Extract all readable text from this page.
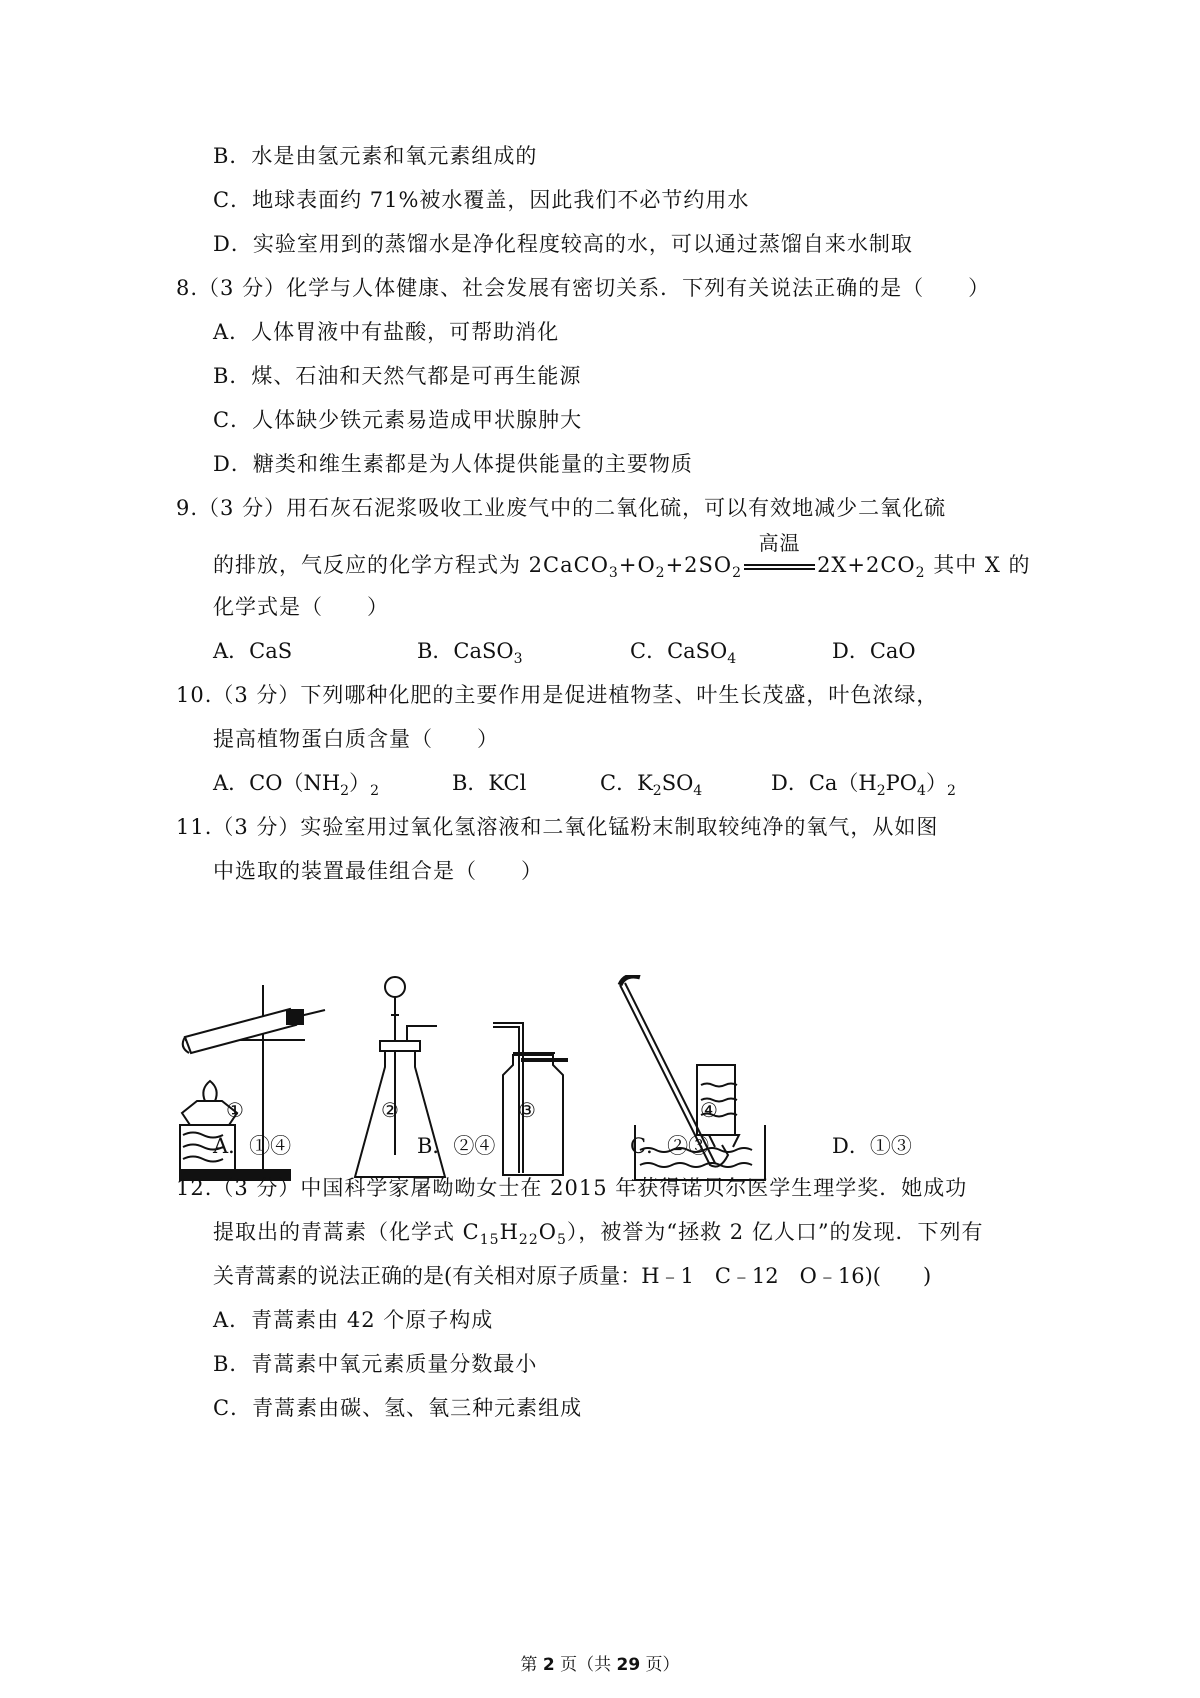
B．水是由氢元素和氧元素组成的
C．地球表面约 71%被水覆盖，因此我们不必节约用水
D．实验室用到的蒸馏水是净化程度较高的水，可以通过蒸馏自来水制取
8.（3 分）化学与人体健康、社会发展有密切关系．下列有关说法正确的是（　　）
A．人体胃液中有盐酸，可帮助消化
B．煤、石油和天然气都是可再生能源
C．人体缺少铁元素易造成甲状腺肿大
D．糖类和维生素都是为人体提供能量的主要物质
9.（3 分）用石灰石泥浆吸收工业废气中的二氧化硫，可以有效地减少二氧化硫
的排放，气反应的化学方程式为 $2CaCO_3+O_2+2SO_2$
高温
$2X+2CO_2$ 其中 X 的
化学式是（　　）
A．CaS	B．CaSO$_3$	C．CaSO$_4$	D．CaO
10.（3 分）下列哪种化肥的主要作用是促进植物茎、叶生长茂盛，叶色浓绿，
提高植物蛋白质含量（　　）
A．$CO(NH_2)_2$	B．KCl	C．$K_2SO_4$	D．$Ca(H_2PO_4)_2$
11.（3 分）实验室用过氧化氢溶液和二氧化锰粉末制取较纯净的氧气，从如图
中选取的装置最佳组合是（　　）
①	②	③	④
A．①④	B．②④	C．②③	D．①③
12.（3 分）中国科学家屠呦呦女士在 2015 年获得诺贝尔医学生理学奖．她成功
提取出的青蒿素（化学式 $C_{15}H_{22}O_5$），被誉为“拯救 2 亿人口”的发现．下列有
关青蒿素的说法正确的是(有关相对原子质量：H﹣1　C﹣12　O﹣16)(　　)
A．青蒿素由 42 个原子构成
B．青蒿素中氧元素质量分数最小
C．青蒿素由碳、氢、氧三种元素组成
第 2 页（共 29 页）
